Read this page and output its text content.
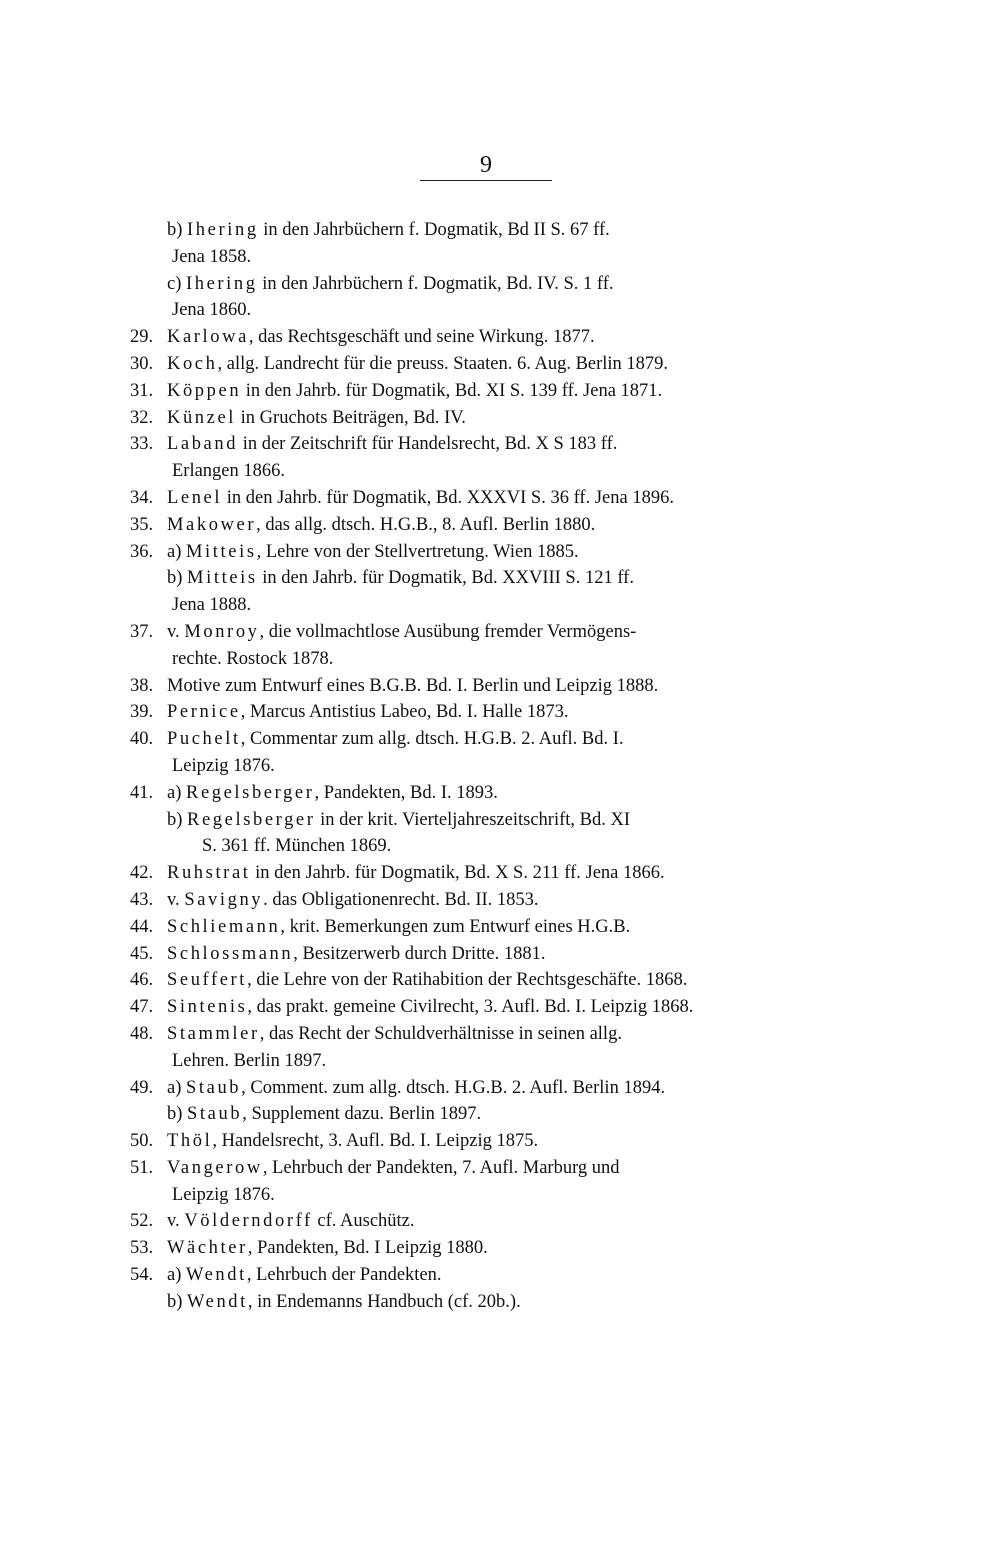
9
b) Ihering in den Jahrbüchern f. Dogmatik, Bd II S. 67 ff.
Jena 1858.
c) Ihering in den Jahrbüchern f. Dogmatik, Bd. IV. S. 1 ff.
Jena 1860.
29. Karlowa, das Rechtsgeschäft und seine Wirkung. 1877.
30. Koch, allg. Landrecht für die preuss. Staaten. 6. Aug. Berlin 1879.
31. Köppen in den Jahrb. für Dogmatik, Bd. XI S. 139 ff. Jena 1871.
32. Künzel in Gruchots Beiträgen, Bd. IV.
33. Laband in der Zeitschrift für Handelsrecht, Bd. X S 183 ff.
Erlangen 1866.
34. Lenel in den Jahrb. für Dogmatik, Bd. XXXVI S. 36 ff. Jena 1896.
35. Makower, das allg. dtsch. H.G.B., 8. Aufl. Berlin 1880.
36. a) Mitteis, Lehre von der Stellvertretung. Wien 1885.
b) Mitteis in den Jahrb. für Dogmatik, Bd. XXVIII S. 121 ff.
Jena 1888.
37. v. Monroy, die vollmachtlose Ausübung fremder Vermögens-
rechte. Rostock 1878.
38. Motive zum Entwurf eines B.G.B. Bd. I. Berlin und Leipzig 1888.
39. Pernice, Marcus Antistius Labeo, Bd. I. Halle 1873.
40. Puchelt, Commentar zum allg. dtsch. H.G.B. 2. Aufl. Bd. I.
Leipzig 1876.
41. a) Regelsberger, Pandekten, Bd. I. 1893.
b) Regelsberger in der krit. Vierteljahreszeitschrift, Bd. XI
S. 361 ff. München 1869.
42. Ruhstrat in den Jahrb. für Dogmatik, Bd. X S. 211 ff. Jena 1866.
43. v. Savigny. das Obligationenrecht. Bd. II. 1853.
44. Schliemann, krit. Bemerkungen zum Entwurf eines H.G.B.
45. Schlossmann, Besitzerwerb durch Dritte. 1881.
46. Seuffert, die Lehre von der Ratihabition der Rechtsgeschäfte. 1868.
47. Sintenis, das prakt. gemeine Civilrecht, 3. Aufl. Bd. I. Leipzig 1868.
48. Stammler, das Recht der Schuldverhältnisse in seinen allg.
Lehren. Berlin 1897.
49. a) Staub, Comment. zum allg. dtsch. H.G.B. 2. Aufl. Berlin 1894.
b) Staub, Supplement dazu. Berlin 1897.
50. Thöl, Handelsrecht, 3. Aufl. Bd. I. Leipzig 1875.
51. Vangerow, Lehrbuch der Pandekten, 7. Aufl. Marburg und
Leipzig 1876.
52. v. Völderndorff cf. Auschütz.
53. Wächter, Pandekten, Bd. I Leipzig 1880.
54. a) Wendt, Lehrbuch der Pandekten.
b) Wendt, in Endemanns Handbuch (cf. 20b.).
